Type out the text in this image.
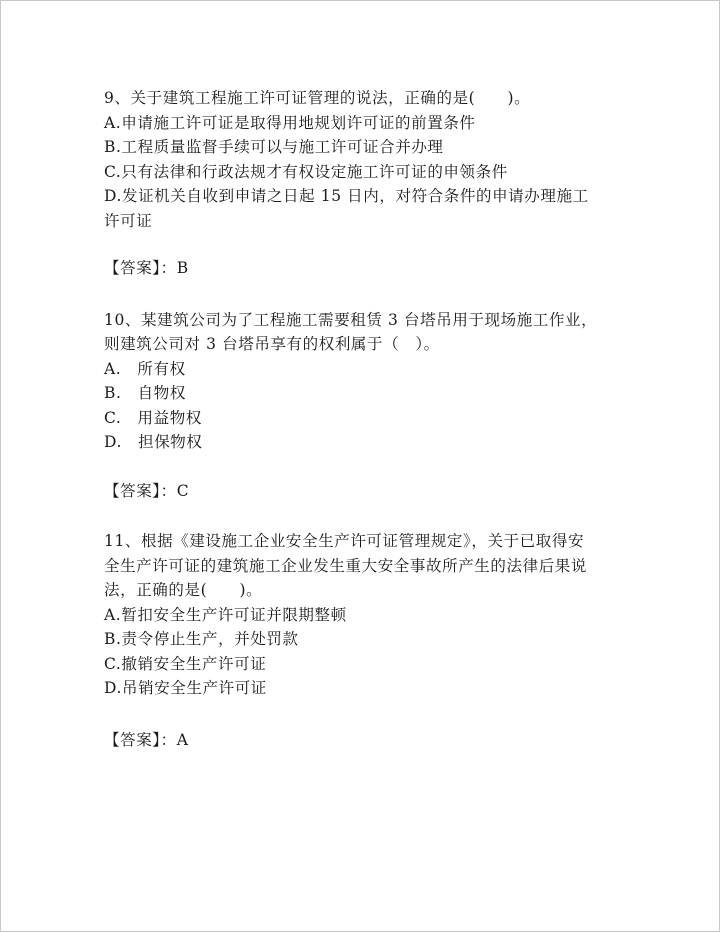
9、关于建筑工程施工许可证管理的说法，正确的是(　　)。
A.申请施工许可证是取得用地规划许可证的前置条件
B.工程质量监督手续可以与施工许可证合并办理
C.只有法律和行政法规才有权设定施工许可证的申领条件
D.发证机关自收到申请之日起 15 日内，对符合条件的申请办理施工
许可证
【答案】：B
10、某建筑公司为了工程施工需要租赁 3 台塔吊用于现场施工作业，
则建筑公司对 3 台塔吊享有的权利属于（　）。
A.　所有权
B.　自物权
C.　用益物权
D.　担保物权
【答案】：C
11、根据《建设施工企业安全生产许可证管理规定》，关于已取得安
全生产许可证的建筑施工企业发生重大安全事故所产生的法律后果说
法，正确的是(　　)。
A.暂扣安全生产许可证并限期整顿
B.责令停止生产，并处罚款
C.撤销安全生产许可证
D.吊销安全生产许可证
【答案】：A
